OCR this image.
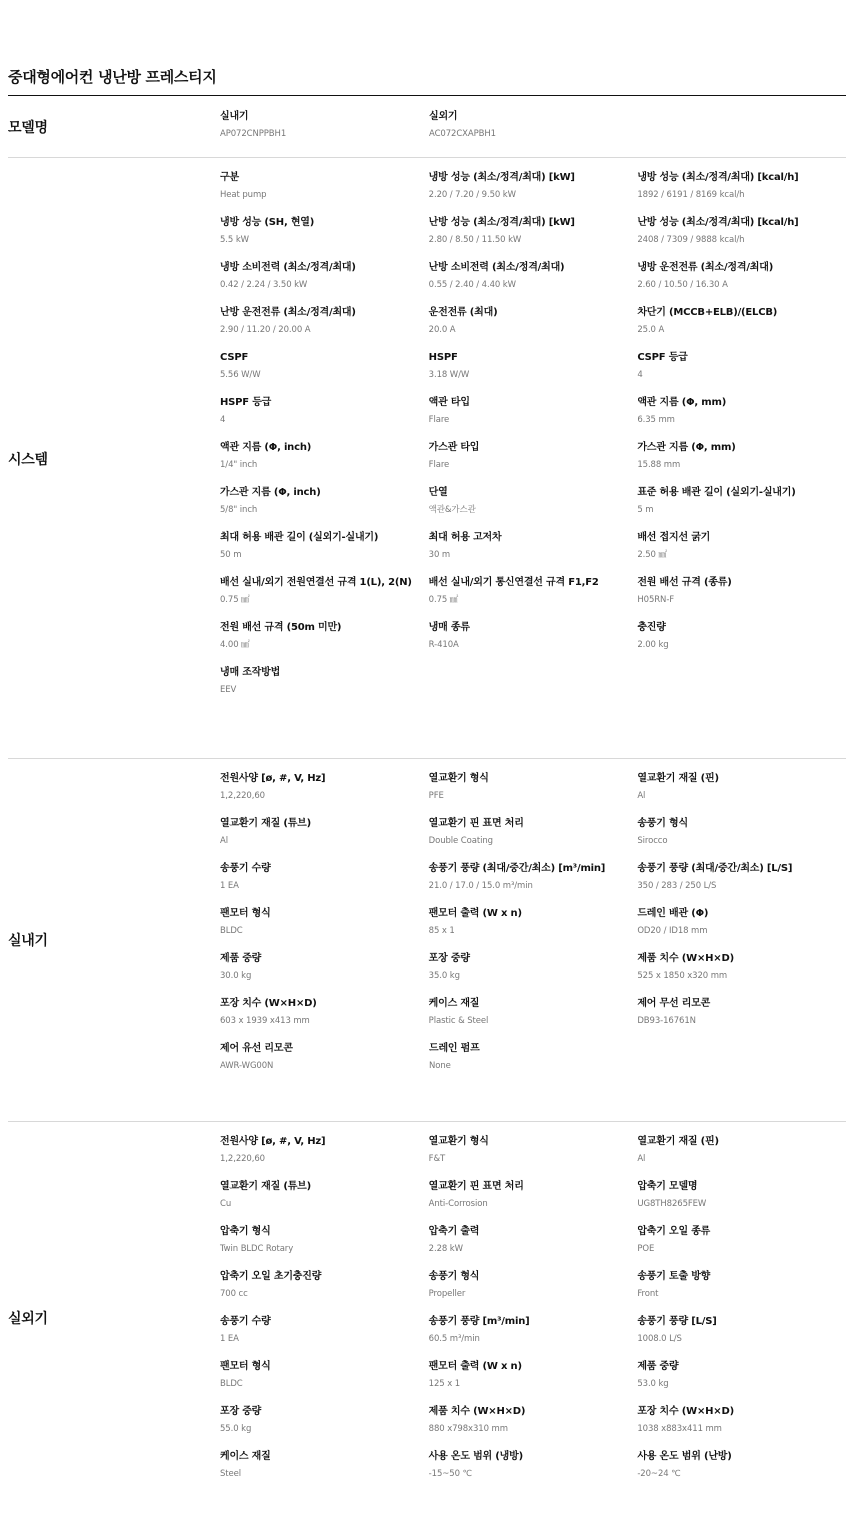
중대형에어컨 냉난방 프레스티지
모델명
실내기
AP072CNPPBH1
실외기
AC072CXAPBH1
시스템
구분
Heat pump
냉방 성능 (최소/정격/최대) [kW]
2.20 / 7.20 / 9.50 kW
냉방 성능 (최소/정격/최대) [kcal/h]
1892 / 6191 / 8169 kcal/h
냉방 성능 (SH, 현열)
5.5 kW
난방 성능 (최소/정격/최대) [kW]
2.80 / 8.50 / 11.50 kW
난방 성능 (최소/정격/최대) [kcal/h]
2408 / 7309 / 9888 kcal/h
냉방 소비전력 (최소/정격/최대)
0.42 / 2.24 / 3.50 kW
난방 소비전력 (최소/정격/최대)
0.55 / 2.40 / 4.40 kW
냉방 운전전류 (최소/정격/최대)
2.60 / 10.50 / 16.30 A
난방 운전전류 (최소/정격/최대)
2.90 / 11.20 / 20.00 A
운전전류 (최대)
20.0 A
차단기 (MCCB+ELB)/(ELCB)
25.0 A
CSPF
5.56 W/W
HSPF
3.18 W/W
CSPF 등급
4
HSPF 등급
4
액관 타입
Flare
액관 지름 (Φ, mm)
6.35 mm
액관 지름 (Φ, inch)
1/4" inch
가스관 타입
Flare
가스관 지름 (Φ, mm)
15.88 mm
가스관 지름 (Φ, inch)
5/8" inch
단열
액관&가스관
표준 허용 배관 길이 (실외기-실내기)
5 m
최대 허용 배관 길이 (실외기-실내기)
50 m
최대 허용 고저차
30 m
배선 접지선 굵기
2.50 ㎟
배선 실내/외기 전원연결선 규격 1(L), 2(N)
0.75 ㎟
배선 실내/외기 통신연결선 규격 F1,F2
0.75 ㎟
전원 배선 규격 (종류)
H05RN-F
전원 배선 규격 (50m 미만)
4.00 ㎟
냉매 종류
R-410A
충진량
2.00 kg
냉매 조작방법
EEV
실내기
전원사양 [ø, #, V, Hz]
1,2,220,60
열교환기 형식
PFE
열교환기 재질 (핀)
Al
열교환기 재질 (튜브)
Al
열교환기 핀 표면 처리
Double Coating
송풍기 형식
Sirocco
송풍기 수량
1 EA
송풍기 풍량 (최대/중간/최소) [m³/min]
21.0 / 17.0 / 15.0 m³/min
송풍기 풍량 (최대/중간/최소) [L/S]
350 / 283 / 250 L/S
팬모터 형식
BLDC
팬모터 출력 (W x n)
85 x 1
드레인 배관 (Φ)
OD20 / ID18 mm
제품 중량
30.0 kg
포장 중량
35.0 kg
제품 치수 (W×H×D)
525 x 1850 x320 mm
포장 치수 (W×H×D)
603 x 1939 x413 mm
케이스 재질
Plastic & Steel
제어 무선 리모콘
DB93-16761N
제어 유선 리모콘
AWR-WG00N
드레인 펌프
None
실외기
전원사양 [ø, #, V, Hz]
1,2,220,60
열교환기 형식
F&T
열교환기 재질 (핀)
Al
열교환기 재질 (튜브)
Cu
열교환기 핀 표면 처리
Anti-Corrosion
압축기 모델명
UG8TH8265FEW
압축기 형식
Twin BLDC Rotary
압축기 출력
2.28 kW
압축기 오일 종류
POE
압축기 오일 초기충진량
700 cc
송풍기 형식
Propeller
송풍기 토출 방향
Front
송풍기 수량
1 EA
송풍기 풍량 [m³/min]
60.5 m³/min
송풍기 풍량 [L/S]
1008.0 L/S
팬모터 형식
BLDC
팬모터 출력 (W x n)
125 x 1
제품 중량
53.0 kg
포장 중량
55.0 kg
제품 치수 (W×H×D)
880 x798x310 mm
포장 치수 (W×H×D)
1038 x883x411 mm
케이스 재질
Steel
사용 온도 범위 (냉방)
-15~50 ℃
사용 온도 범위 (난방)
-20~24 ℃
